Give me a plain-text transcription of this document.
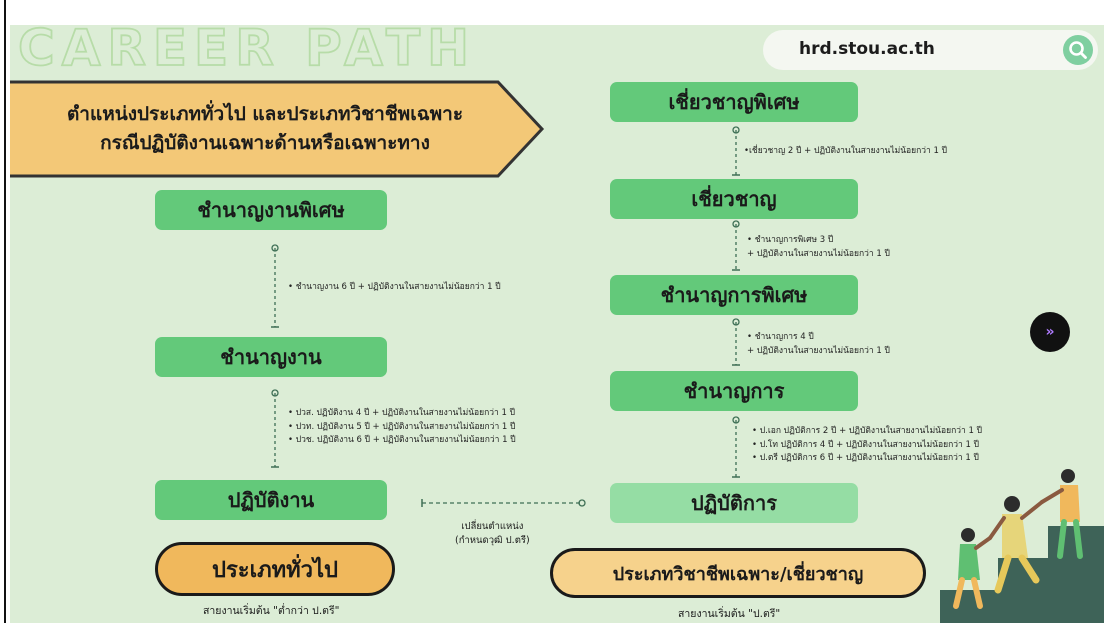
CAREER PATH	hrd.stou.ac.th
ตำแหน่งประเภททั่วไป และประเภทวิชาชีพเฉพาะ
กรณีปฏิบัติงานเฉพาะด้านหรือเฉพาะทาง
ชำนาญงานพิเศษ
ชำนาญงาน
ปฏิบัติงาน
เชี่ยวชาญพิเศษ
เชี่ยวชาญ
ชำนาญการพิเศษ
ชำนาญการ
ปฏิบัติการ
• ชำนาญงาน 6 ปี + ปฏิบัติงานในสายงานไม่น้อยกว่า 1 ปี
• ปวส. ปฏิบัติงาน 4 ปี + ปฏิบัติงานในสายงานไม่น้อยกว่า 1 ปี
• ปวท. ปฏิบัติงาน 5 ปี + ปฏิบัติงานในสายงานไม่น้อยกว่า 1 ปี
• ปวช. ปฏิบัติงาน 6 ปี + ปฏิบัติงานในสายงานไม่น้อยกว่า 1 ปี
•เชี่ยวชาญ 2 ปี + ปฏิบัติงานในสายงานไม่น้อยกว่า 1 ปี
• ชำนาญการพิเศษ 3 ปี
+ ปฏิบัติงานในสายงานไม่น้อยกว่า 1 ปี
• ชำนาญการ 4 ปี
+ ปฏิบัติงานในสายงานไม่น้อยกว่า 1 ปี
• ป.เอก ปฏิบัติการ 2 ปี + ปฏิบัติงานในสายงานไม่น้อยกว่า 1 ปี
• ป.โท ปฏิบัติการ 4 ปี + ปฏิบัติงานในสายงานไม่น้อยกว่า 1 ปี
• ป.ตรี ปฏิบัติการ 6 ปี + ปฏิบัติงานในสายงานไม่น้อยกว่า 1 ปี
เปลี่ยนตำแหน่ง
(กำหนดวุฒิ ป.ตรี)
ประเภททั่วไป	ประเภทวิชาชีพเฉพาะ/เชี่ยวชาญ
สายงานเริ่มต้น "ต่ำกว่า ป.ตรี"	สายงานเริ่มต้น "ป.ตรี"
»
